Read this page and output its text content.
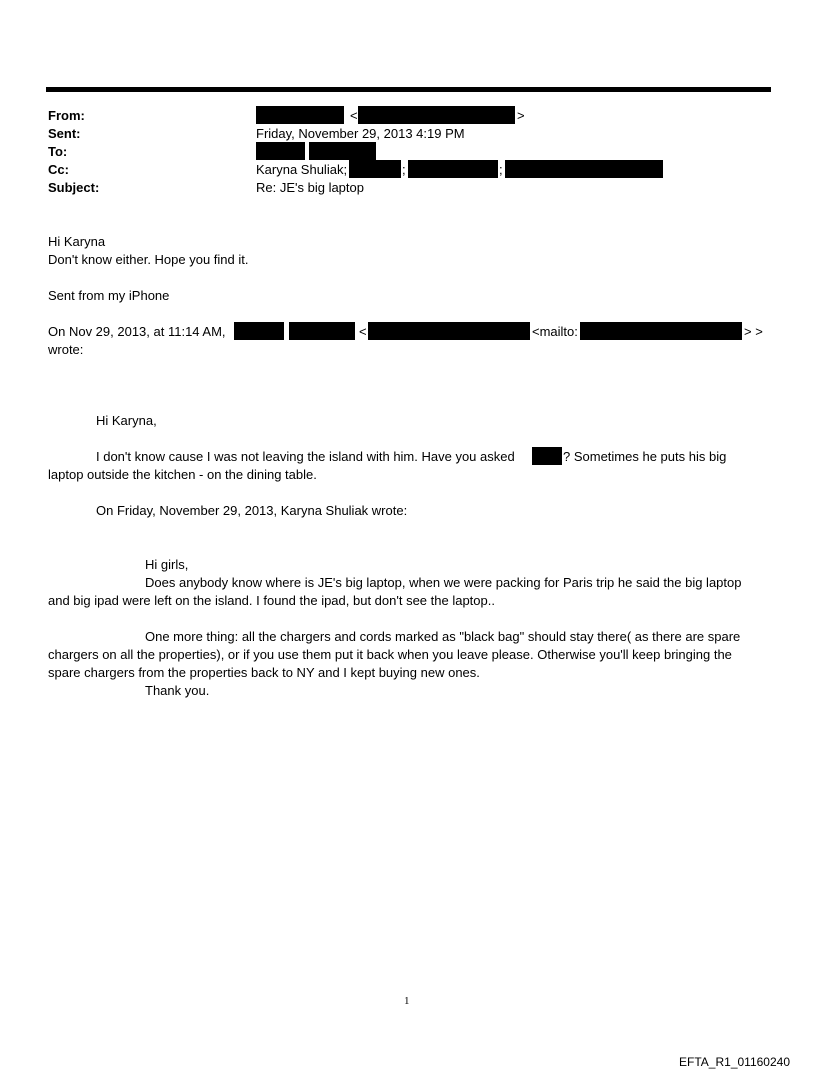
From:	<	>
Sent:	Friday, November 29, 2013 4:19 PM
To:
Cc:	Karyna Shuliak;	;	;
Subject:	Re: JE's big laptop
Hi Karyna
Don't know either. Hope you find it.
Sent from my iPhone
On Nov 29, 2013, at 11:14 AM,	<	<mailto:	> >
wrote:
Hi Karyna,
I don't know cause I was not leaving the island with him. Have you asked	? Sometimes he puts his big
laptop outside the kitchen - on the dining table.
On Friday, November 29, 2013, Karyna Shuliak wrote:
Hi girls,
Does anybody know where is JE's big laptop, when we were packing for Paris trip he said the big laptop
and big ipad were left on the island. I found the ipad, but don't see the laptop..
One more thing: all the chargers and cords marked as "black bag" should stay there( as there are spare
chargers on all the properties), or if you use them put it back when you leave please. Otherwise you'll keep bringing the
spare chargers from the properties back to NY and I kept buying new ones.
Thank you.
1
EFTA_R1_01160240
